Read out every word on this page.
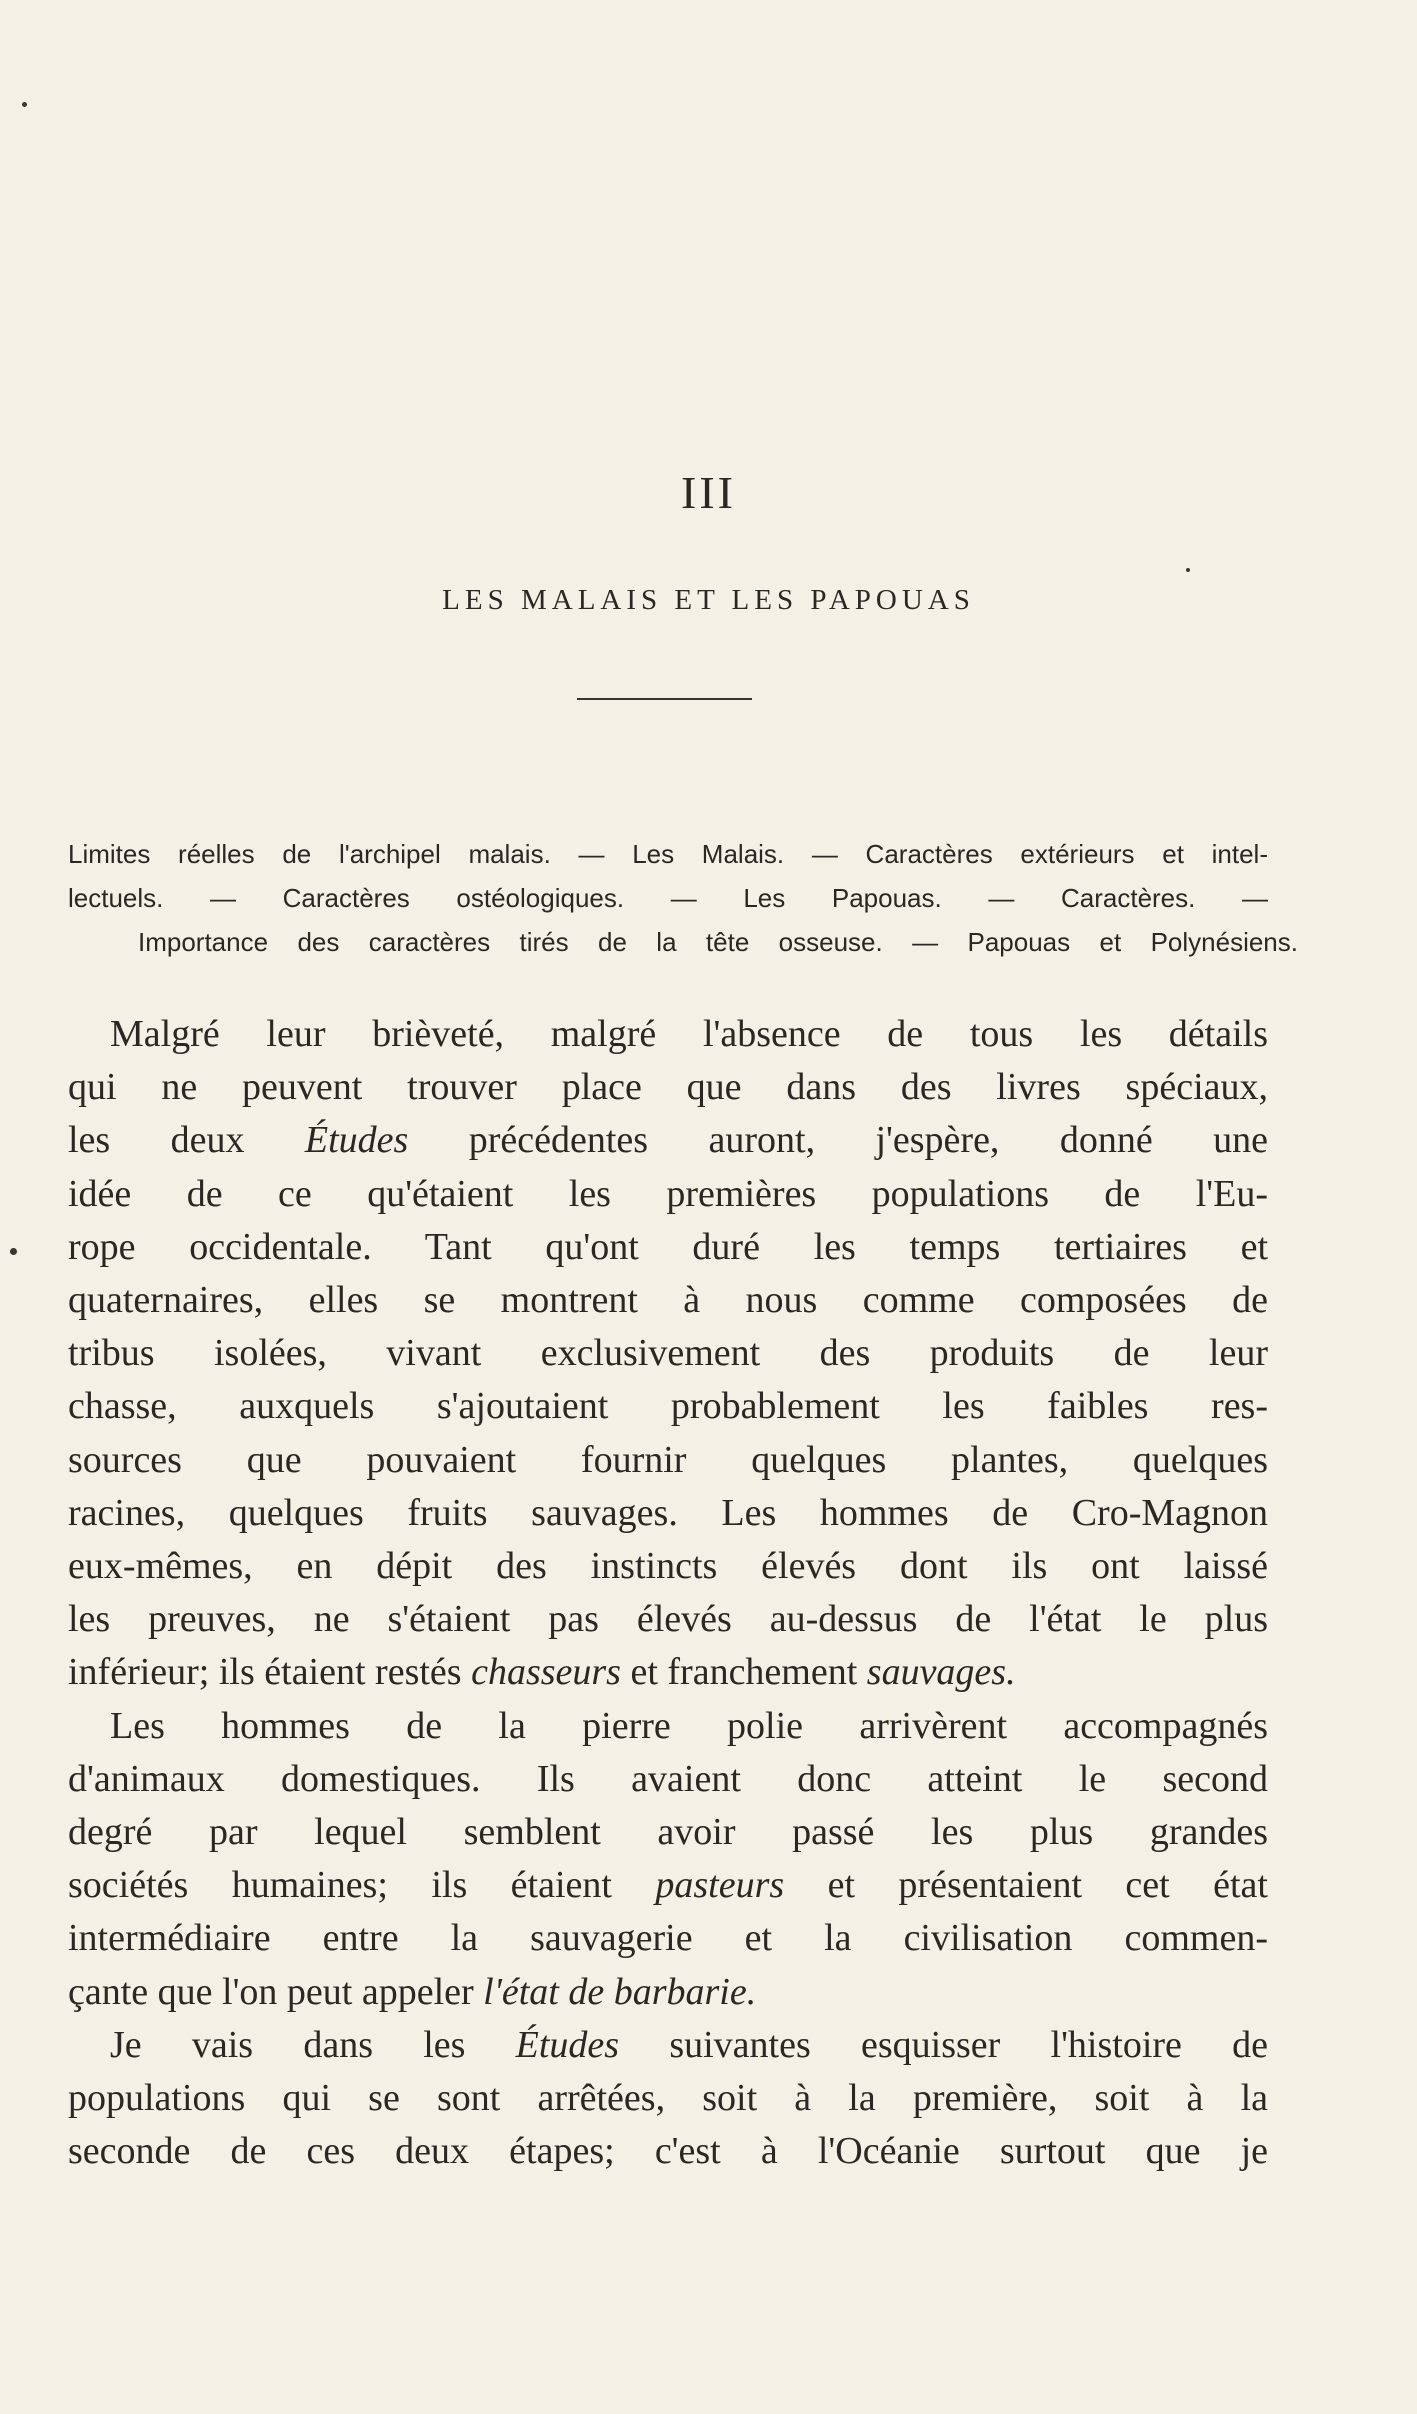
III
LES MALAIS ET LES PAPOUAS
Limites réelles de l'archipel malais. — Les Malais. — Caractères extérieurs et intel-
lectuels. — Caractères ostéologiques. — Les Papouas. — Caractères. —
Importance des caractères tirés de la tête osseuse. — Papouas et Polynésiens.
Malgré leur brièveté, malgré l'absence de tous les détails
qui ne peuvent trouver place que dans des livres spéciaux,
les deux Études précédentes auront, j'espère, donné une
idée de ce qu'étaient les premières populations de l'Eu-
rope occidentale. Tant qu'ont duré les temps tertiaires et
quaternaires, elles se montrent à nous comme composées de
tribus isolées, vivant exclusivement des produits de leur
chasse, auxquels s'ajoutaient probablement les faibles res-
sources que pouvaient fournir quelques plantes, quelques
racines, quelques fruits sauvages. Les hommes de Cro-Magnon
eux-mêmes, en dépit des instincts élevés dont ils ont laissé
les preuves, ne s'étaient pas élevés au-dessus de l'état le plus
inférieur; ils étaient restés chasseurs et franchement sauvages.
Les hommes de la pierre polie arrivèrent accompagnés
d'animaux domestiques. Ils avaient donc atteint le second
degré par lequel semblent avoir passé les plus grandes
sociétés humaines; ils étaient pasteurs et présentaient cet état
intermédiaire entre la sauvagerie et la civilisation commen-
çante que l'on peut appeler l'état de barbarie.
Je vais dans les Études suivantes esquisser l'histoire de
populations qui se sont arrêtées, soit à la première, soit à la
seconde de ces deux étapes; c'est à l'Océanie surtout que je
